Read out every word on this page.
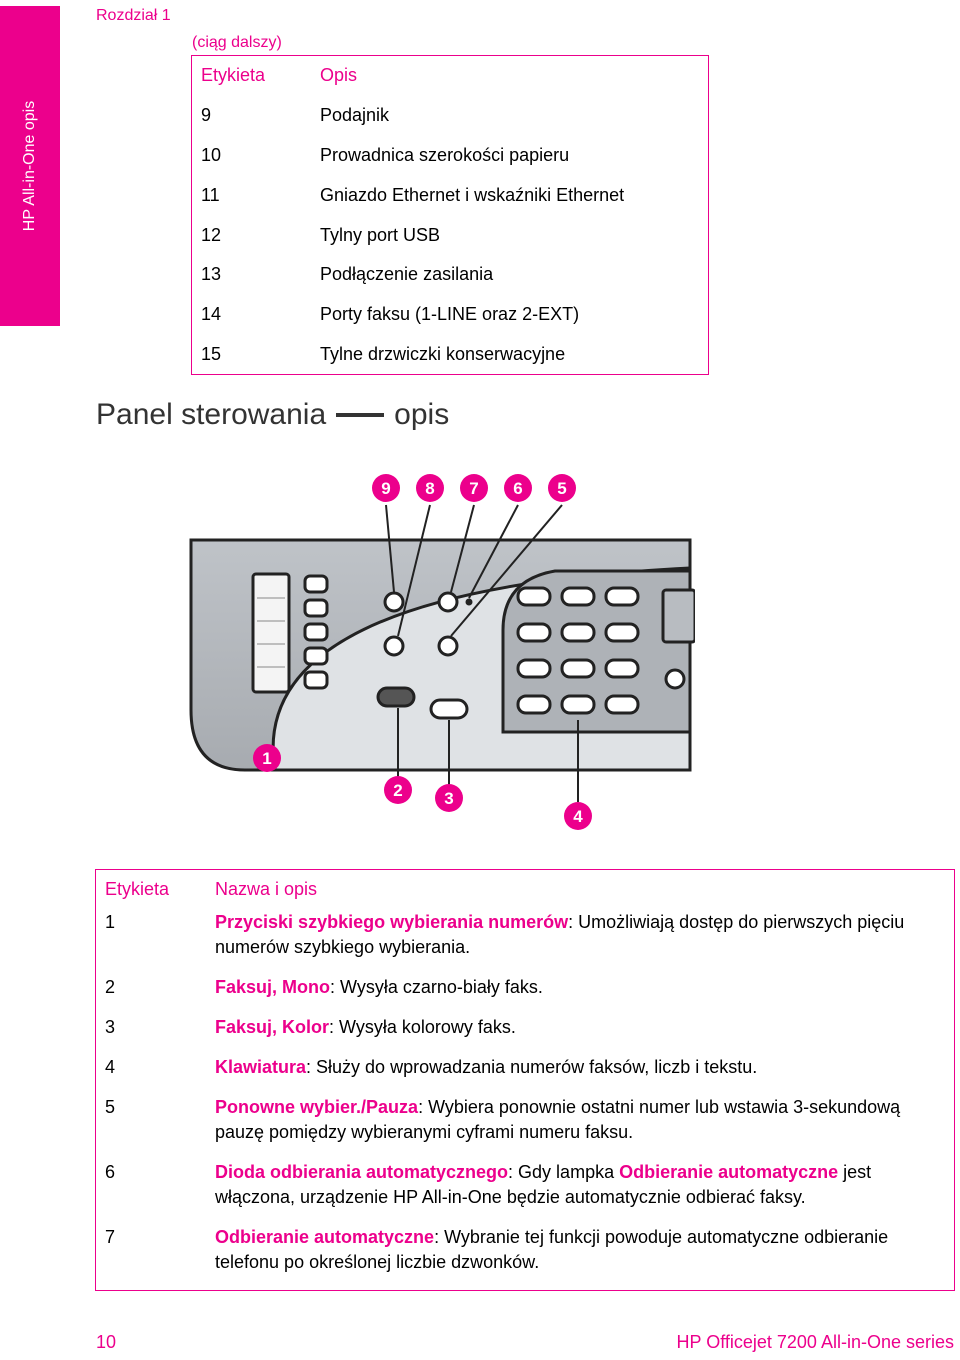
HP All-in-One opis
Rozdział 1
(ciąg dalszy)
Etykieta	Opis
9	Podajnik
10	Prowadnica szerokości papieru
11	Gniazdo Ethernet i wskaźniki Ethernet
12	Tylny port USB
13	Podłączenie zasilania
14	Porty faksu (1-LINE oraz 2-EXT)
15	Tylne drzwiczki konserwacyjne
Panel sterowania opis
9 8 7 6 5
1
2 3
4
Etykieta	Nazwa i opis
1	Przyciski szybkiego wybierania numerów: Umożliwiają dostęp do pierwszych pięciu numerów szybkiego wybierania.
2	Faksuj, Mono: Wysyła czarno-biały faks.
3	Faksuj, Kolor: Wysyła kolorowy faks.
4	Klawiatura: Służy do wprowadzania numerów faksów, liczb i tekstu.
5	Ponowne wybier./Pauza: Wybiera ponownie ostatni numer lub wstawia 3-sekundową pauzę pomiędzy wybieranymi cyframi numeru faksu.
6	Dioda odbierania automatycznego: Gdy lampka Odbieranie automatyczne jest włączona, urządzenie HP All-in-One będzie automatycznie odbierać faksy.
7	Odbieranie automatyczne: Wybranie tej funkcji powoduje automatyczne odbieranie telefonu po określonej liczbie dzwonków.
10	HP Officejet 7200 All-in-One series
